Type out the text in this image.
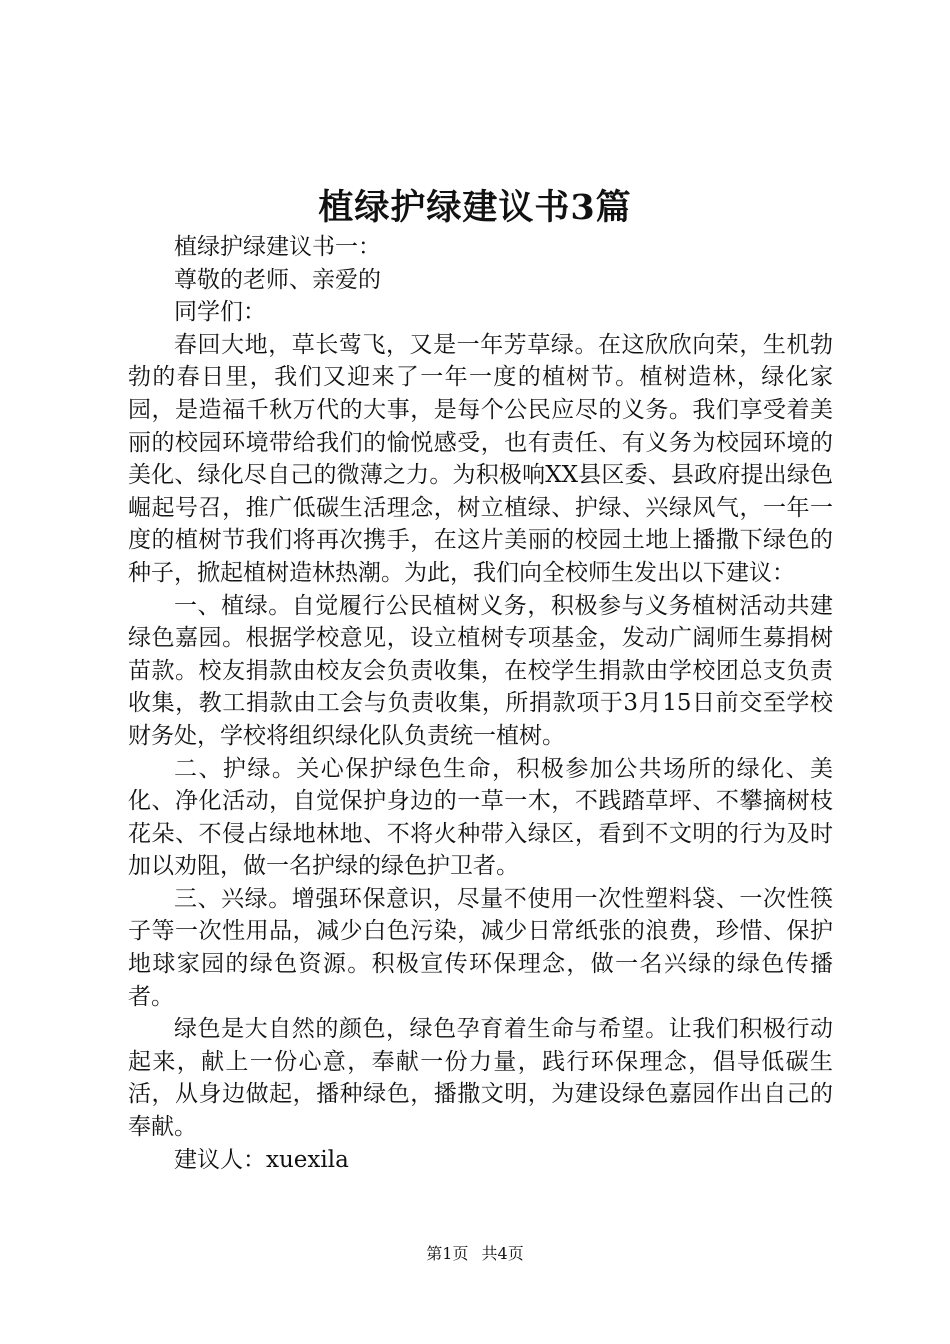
植绿护绿建议书3篇

植绿护绿建议书一：

尊敬的老师、亲爱的

同学们：

春回大地，草长莺飞，又是一年芳草绿。在这欣欣向荣，生机勃勃的春日里，我们又迎来了一年一度的植树节。植树造林，绿化家园，是造福千秋万代的大事，是每个公民应尽的义务。我们享受着美丽的校园环境带给我们的愉悦感受，也有责任、有义务为校园环境的美化、绿化尽自己的微薄之力。为积极响XX县区委、县政府提出绿色崛起号召，推广低碳生活理念，树立植绿、护绿、兴绿风气，一年一度的植树节我们将再次携手，在这片美丽的校园土地上播撒下绿色的种子，掀起植树造林热潮。为此，我们向全校师生发出以下建议：

一、植绿。自觉履行公民植树义务，积极参与义务植树活动共建绿色嘉园。根据学校意见，设立植树专项基金，发动广阔师生募捐树苗款。校友捐款由校友会负责收集，在校学生捐款由学校团总支负责收集，教工捐款由工会与负责收集，所捐款项于3月15日前交至学校财务处，学校将组织绿化队负责统一植树。

二、护绿。关心保护绿色生命，积极参加公共场所的绿化、美化、净化活动，自觉保护身边的一草一木，不践踏草坪、不攀摘树枝花朵、不侵占绿地林地、不将火种带入绿区，看到不文明的行为及时加以劝阻，做一名护绿的绿色护卫者。

三、兴绿。增强环保意识，尽量不使用一次性塑料袋、一次性筷子等一次性用品，减少白色污染，减少日常纸张的浪费，珍惜、保护地球家园的绿色资源。积极宣传环保理念，做一名兴绿的绿色传播者。

绿色是大自然的颜色，绿色孕育着生命与希望。让我们积极行动起来，献上一份心意，奉献一份力量，践行环保理念，倡导低碳生活，从身边做起，播种绿色，播撒文明，为建设绿色嘉园作出自己的奉献。

建议人：xuexila

第1页 共4页
